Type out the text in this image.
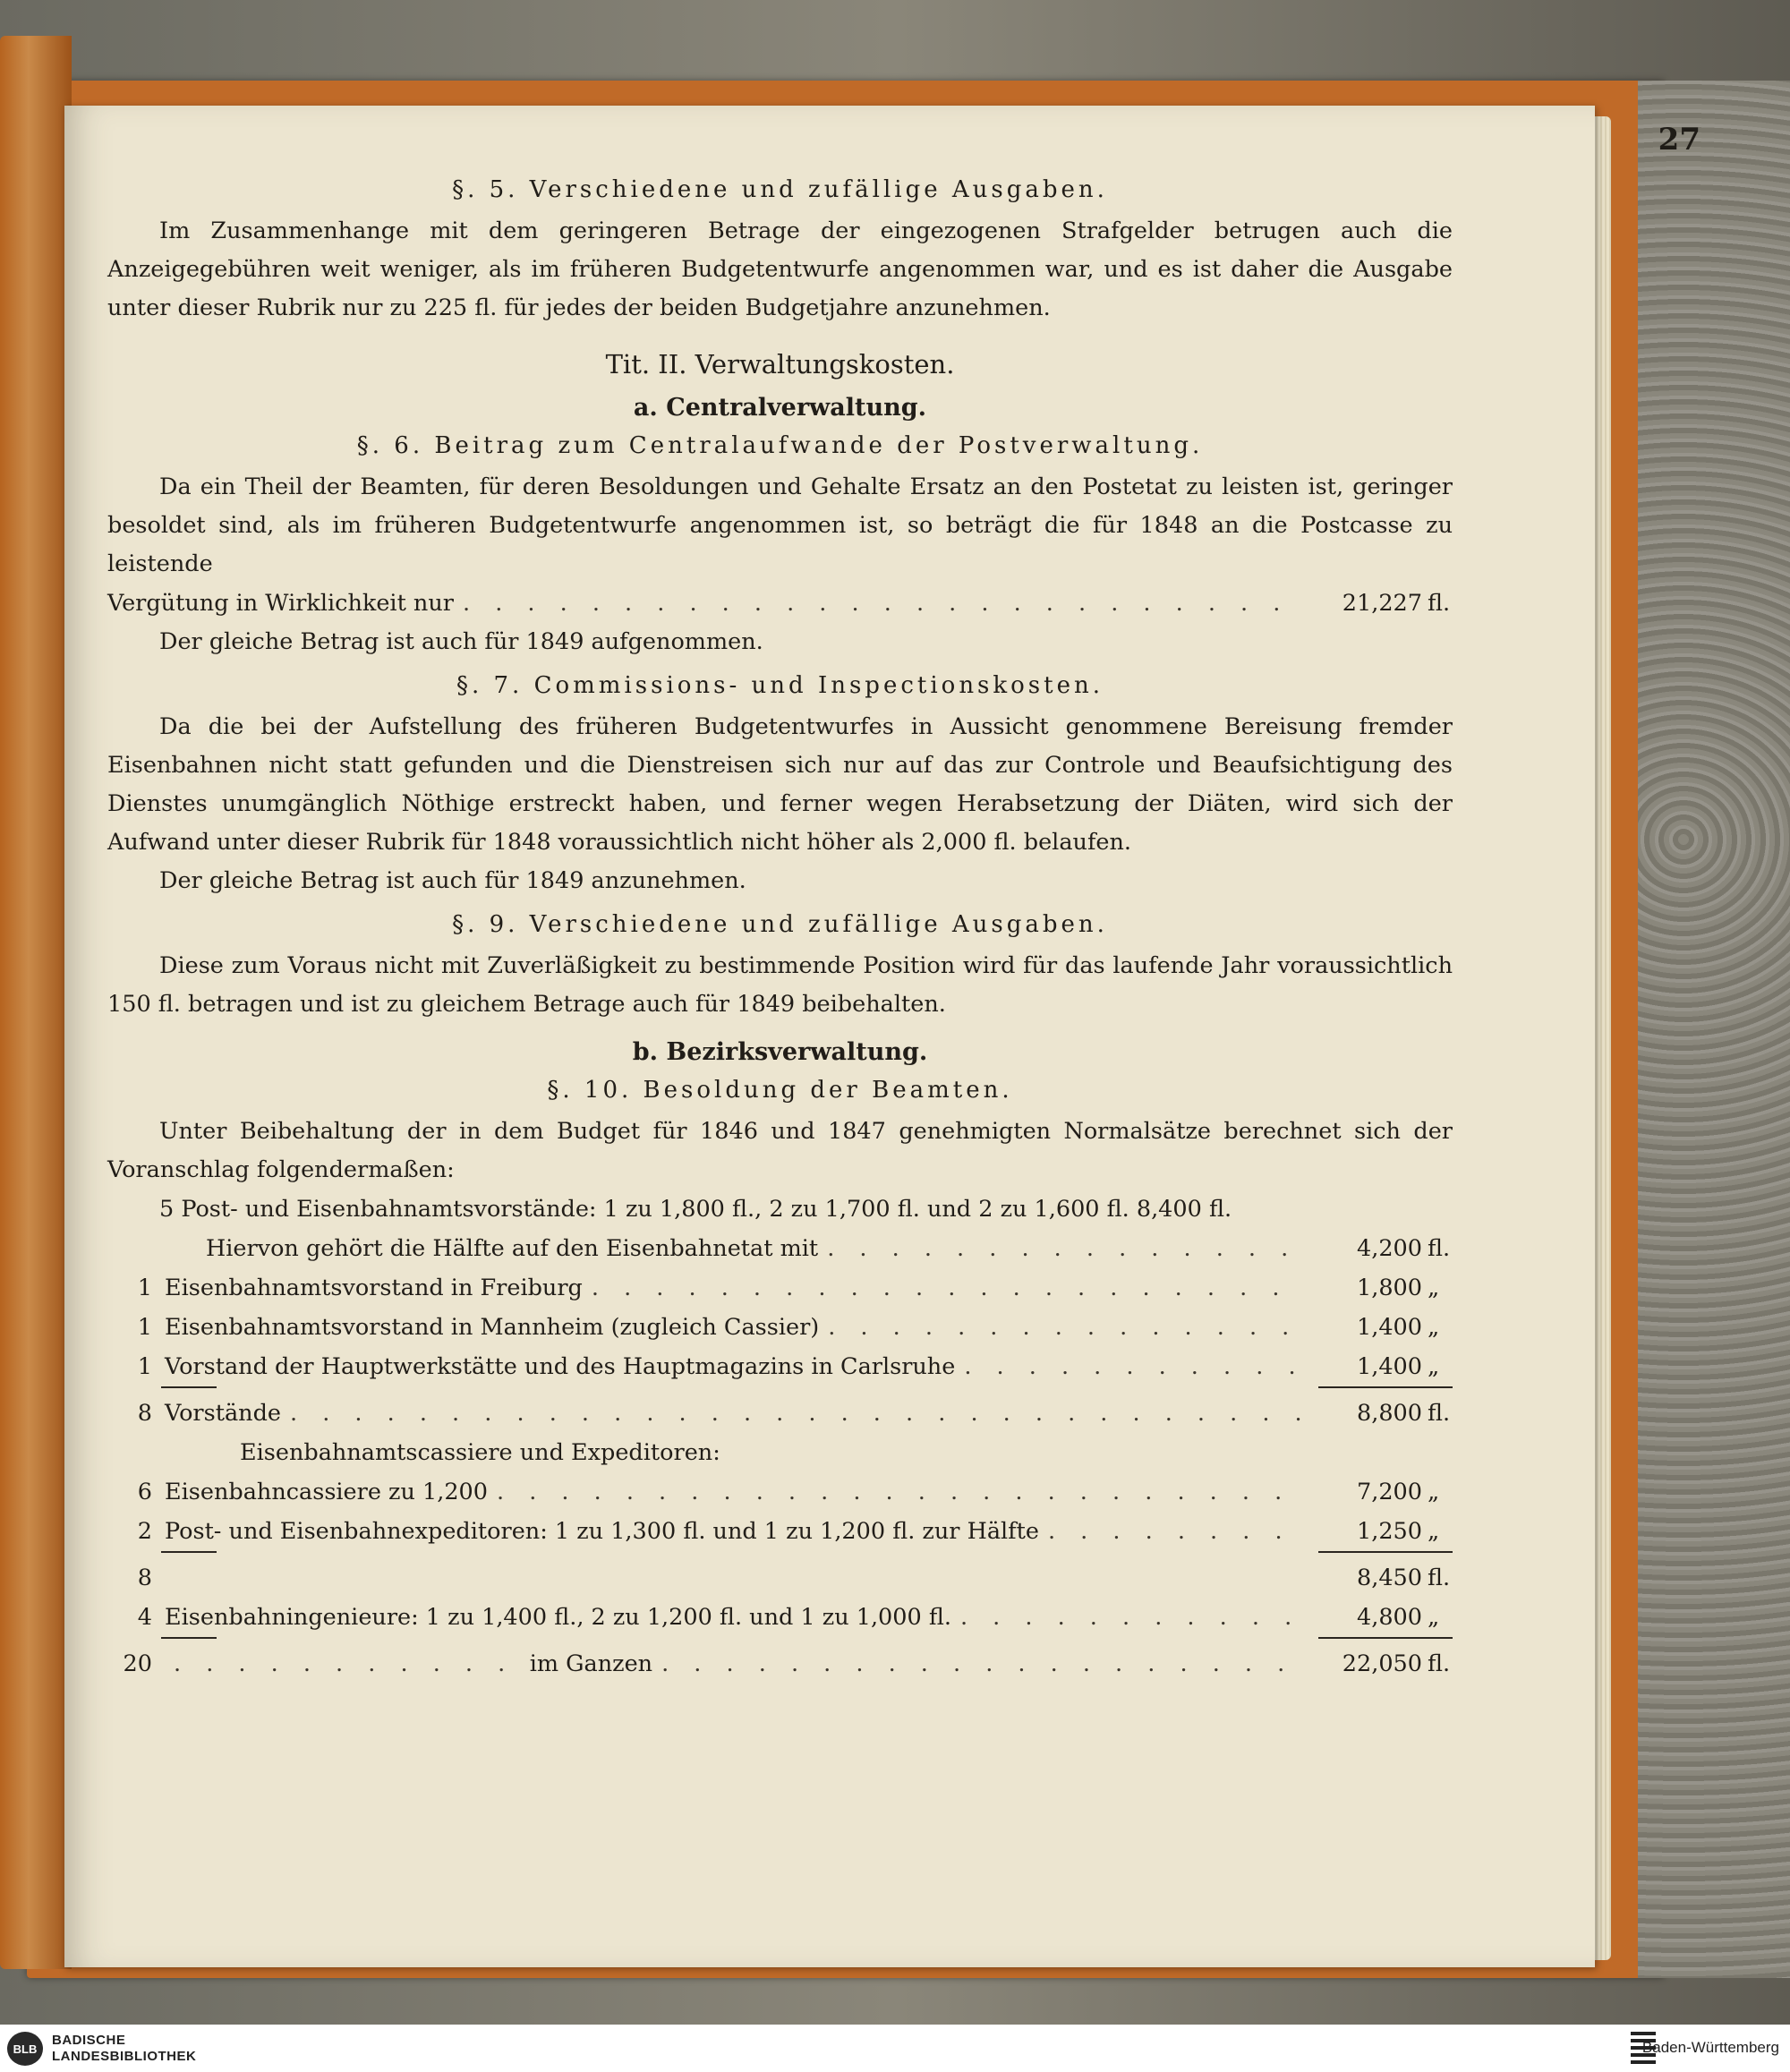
27
§. 5. Verschiedene und zufällige Ausgaben.

Im Zusammenhange mit dem geringeren Betrage der eingezogenen Strafgelder betrugen auch die Anzeigegebühren weit weniger, als im früheren Budgetentwurfe angenommen war, und es ist daher die Ausgabe unter dieser Rubrik nur zu 225 fl. für jedes der beiden Budgetjahre anzunehmen.

Tit. II. Verwaltungskosten.
a. Centralverwaltung.
§. 6. Beitrag zum Centralaufwande der Postverwaltung.

Da ein Theil der Beamten, für deren Besoldungen und Gehalte Ersatz an den Postetat zu leisten ist, geringer besoldet sind, als im früheren Budgetentwurfe angenommen ist, so beträgt die für 1848 an die Postcasse zu leistende

Vergütung in Wirklichkeit nur . . .	21,227 fl.

Der gleiche Betrag ist auch für 1849 aufgenommen.

§. 7. Commissions- und Inspectionskosten.

Da die bei der Aufstellung des früheren Budgetentwurfes in Aussicht genommene Bereisung fremder Eisenbahnen nicht statt gefunden und die Dienstreisen sich nur auf das zur Controle und Beaufsichtigung des Dienstes unumgänglich Nöthige erstreckt haben, und ferner wegen Herabsetzung der Diäten, wird sich der Aufwand unter dieser Rubrik für 1848 voraussichtlich nicht höher als 2,000 fl. belaufen.

Der gleiche Betrag ist auch für 1849 anzunehmen.

§. 9. Verschiedene und zufällige Ausgaben.

Diese zum Voraus nicht mit Zuverläßigkeit zu bestimmende Position wird für das laufende Jahr voraussichtlich 150 fl. betragen und ist zu gleichem Betrage auch für 1849 beibehalten.

b. Bezirksverwaltung.
§. 10. Besoldung der Beamten.

Unter Beibehaltung der in dem Budget für 1846 und 1847 genehmigten Normalsätze berechnet sich der Voranschlag folgendermaßen:

5 Post- und Eisenbahnamtsvorstände: 1 zu 1,800 fl., 2 zu 1,700 fl. und 2 zu 1,600 fl. 8,400 fl.
Hiervon gehört die Hälfte auf den Eisenbahnetat mit . . .	4,200 fl.
1 Eisenbahnamtsvorstand in Freiburg . . .	1,800 „
1 Eisenbahnamtsvorstand in Mannheim (zugleich Cassier) . . .	1,400 „
1 Vorstand der Hauptwerkstätte und des Hauptmagazins in Carlsruhe . . .	1,400 „
8 Vorstände . . .	8,800 fl.
Eisenbahnamtscassiere und Expeditoren:
6 Eisenbahncassiere zu 1,200 . . .	7,200 „
2 Post- und Eisenbahnexpeditoren: 1 zu 1,300 fl. und 1 zu 1,200 fl. zur Hälfte . . .	1,250 „
8	8,450 fl.
4 Eisenbahningenieure: 1 zu 1,400 fl., 2 zu 1,200 fl. und 1 zu 1,000 fl. . . .	4,800 „
20 . . .	im Ganzen . . .	22,050 fl.
BLB
BADISCHE
LANDESBIBLIOTHEK
Baden-Württemberg
